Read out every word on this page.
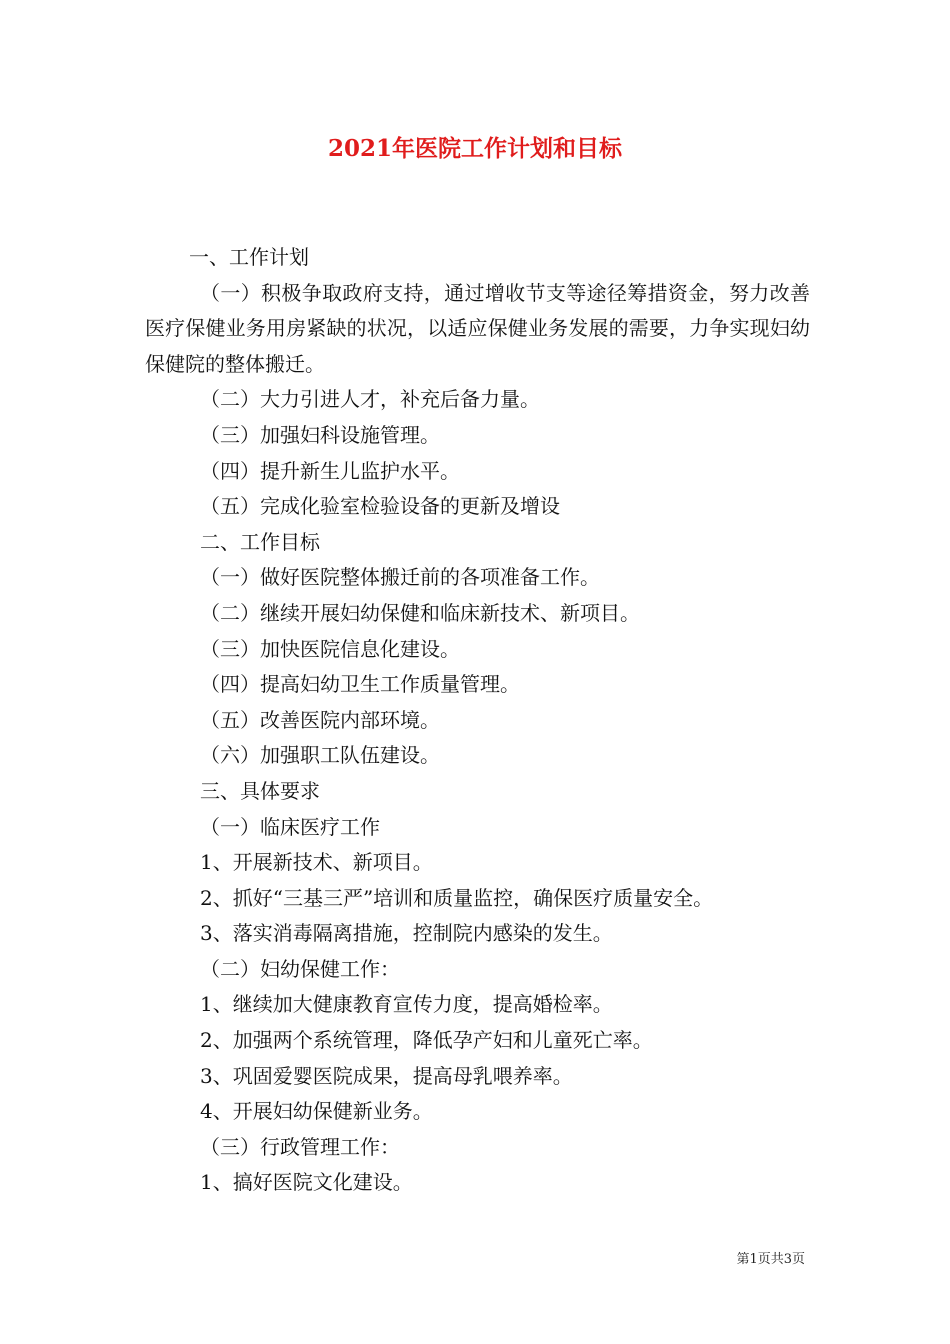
2021年医院工作计划和目标

一、工作计划

（一）积极争取政府支持，通过增收节支等途径筹措资金，努力改善医疗保健业务用房紧缺的状况，以适应保健业务发展的需要，力争实现妇幼保健院的整体搬迁。

（二）大力引进人才，补充后备力量。

（三）加强妇科设施管理。

（四）提升新生儿监护水平。

（五）完成化验室检验设备的更新及增设

二、工作目标

（一）做好医院整体搬迁前的各项准备工作。

（二）继续开展妇幼保健和临床新技术、新项目。

（三）加快医院信息化建设。

（四）提高妇幼卫生工作质量管理。

（五）改善医院内部环境。

（六）加强职工队伍建设。

三、具体要求

（一）临床医疗工作

1、开展新技术、新项目。

2、抓好“三基三严”培训和质量监控，确保医疗质量安全。

3、落实消毒隔离措施，控制院内感染的发生。

（二）妇幼保健工作：

1、继续加大健康教育宣传力度，提高婚检率。

2、加强两个系统管理，降低孕产妇和儿童死亡率。

3、巩固爱婴医院成果，提高母乳喂养率。

4、开展妇幼保健新业务。

（三）行政管理工作：

1、搞好医院文化建设。

第1页共3页
